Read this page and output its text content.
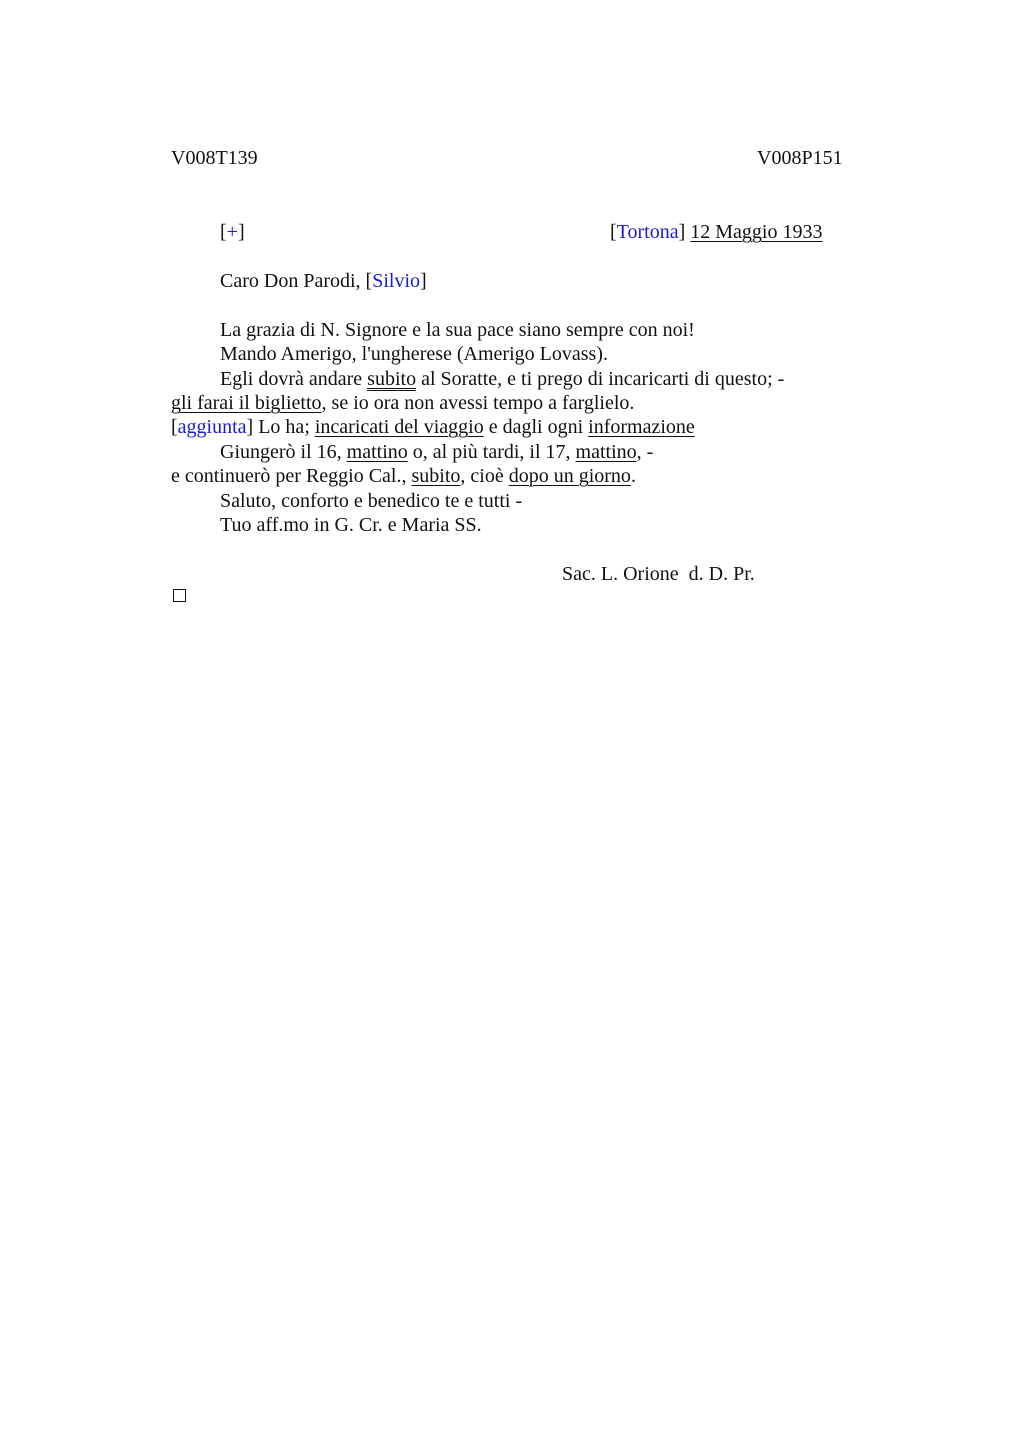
V008T139	V008P151
[+]	[Tortona] 12 Maggio 1933
Caro Don Parodi, [Silvio]
La grazia di N. Signore e la sua pace siano sempre con noi!
Mando Amerigo, l'ungherese (Amerigo Lovass).
Egli dovrà andare subito al Soratte, e ti prego di incaricarti di questo; -
gli farai il biglietto, se io ora non avessi tempo a farglielo.
[aggiunta] Lo ha; incaricati del viaggio e dagli ogni informazione
Giungerò il 16, mattino o, al più tardi, il 17, mattino, -
e continuerò per Reggio Cal., subito, cioè dopo un giorno.
Saluto, conforto e benedico te e tutti -
Tuo aff.mo in G. Cr. e Maria SS.
Sac. L. Orione  d. D. Pr.
